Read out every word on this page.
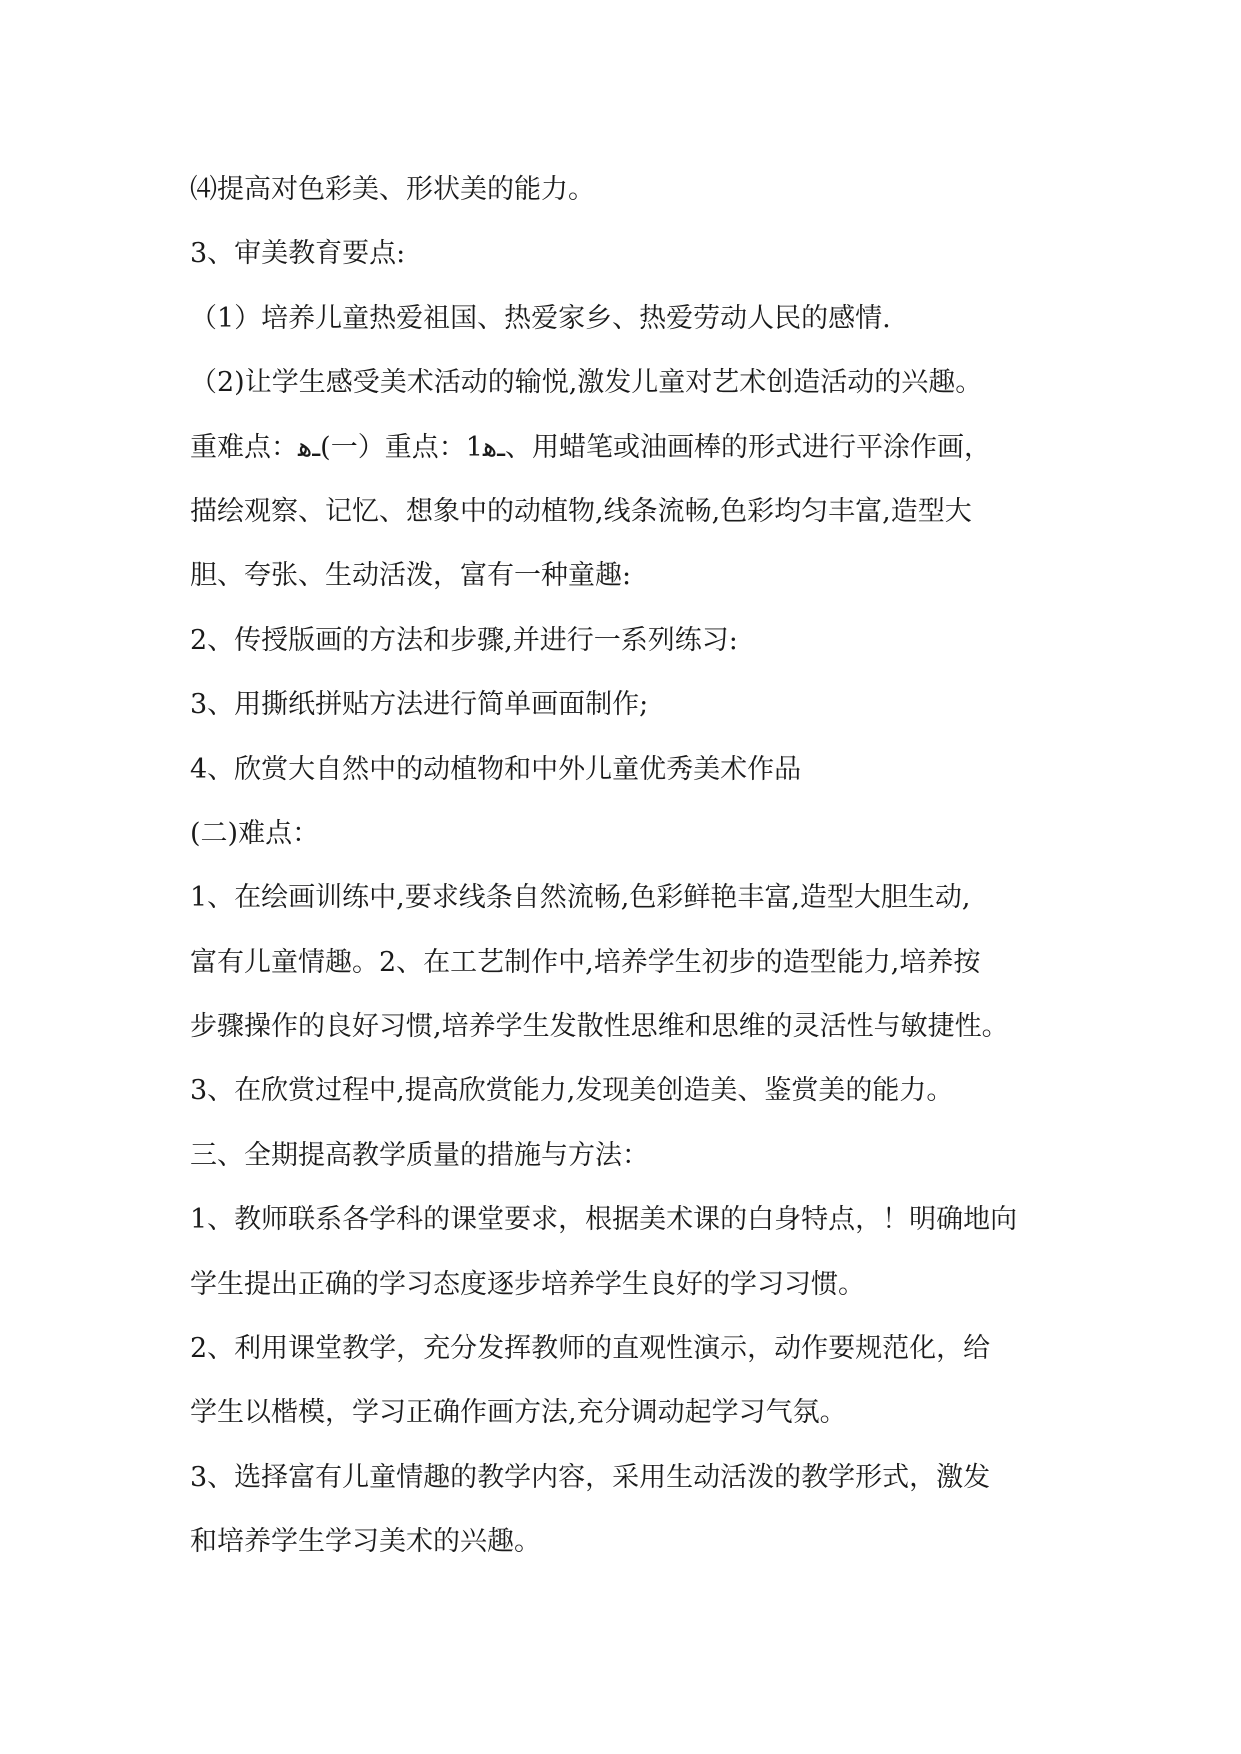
⑷提高对色彩美、形状美的能力。
3、审美教育要点:
（1）培养儿童热爱祖国、热爱家乡、热爱劳动人民的感情.
（2)让学生感受美术活动的输悦,激发儿童对艺术创造活动的兴趣。
重难点：ـﻫ(一）重点：1ـﻫ、用蜡笔或油画棒的形式进行平涂作画，
描绘观察、记忆、想象中的动植物,线条流畅,色彩均匀丰富,造型大
胆、夸张、生动活泼，富有一种童趣:
2、传授版画的方法和步骤,并进行一系列练习:
3、用撕纸拼贴方法进行简单画面制作;
4、欣赏大自然中的动植物和中外儿童优秀美术作品
(二)难点：
1、在绘画训练中,要求线条自然流畅,色彩鲜艳丰富,造型大胆生动,
富有儿童情趣。2、在工艺制作中,培养学生初步的造型能力,培养按
步骤操作的良好习惯,培养学生发散性思维和思维的灵活性与敏捷性。
3、在欣赏过程中,提高欣赏能力,发现美创造美、鉴赏美的能力。
三、全期提高教学质量的措施与方法：
1、教师联系各学科的课堂要求，根据美术课的白身特点，！明确地向
学生提出正确的学习态度逐步培养学生良好的学习习惯。
2、利用课堂教学，充分发挥教师的直观性演示，动作要规范化，给
学生以楷模，学习正确作画方法,充分调动起学习气氛。
3、选择富有儿童情趣的教学内容，采用生动活泼的教学形式，激发
和培养学生学习美术的兴趣。
